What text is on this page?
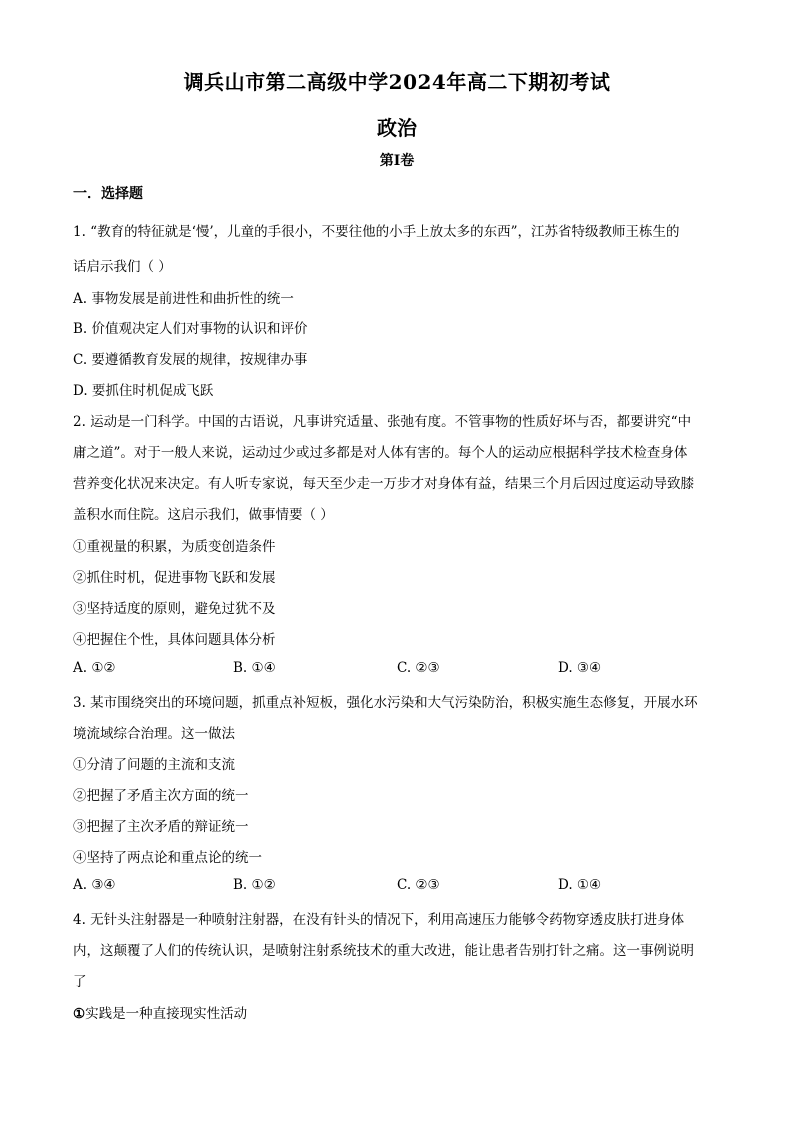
调兵山市第二高级中学2024年高二下期初考试
政治
第I卷
一．选择题
1. “教育的特征就是‘慢’，儿童的手很小，不要往他的小手上放太多的东西”，江苏省特级教师王栋生的
话启示我们（ ）
A. 事物发展是前进性和曲折性的统一
B. 价值观决定人们对事物的认识和评价
C. 要遵循教育发展的规律，按规律办事
D. 要抓住时机促成飞跃
2. 运动是一门科学。中国的古语说，凡事讲究适量、张弛有度。不管事物的性质好坏与否，都要讲究“中
庸之道”。对于一般人来说，运动过少或过多都是对人体有害的。每个人的运动应根据科学技术检查身体
营养变化状况来决定。有人听专家说，每天至少走一万步才对身体有益，结果三个月后因过度运动导致膝
盖积水而住院。这启示我们，做事情要（ ）
①重视量的积累，为质变创造条件
②抓住时机，促进事物飞跃和发展
③坚持适度的原则，避免过犹不及
④把握住个性，具体问题具体分析
A. ①②	B. ①④	C. ②③	D. ③④
3. 某市围绕突出的环境问题，抓重点补短板，强化水污染和大气污染防治，积极实施生态修复，开展水环
境流域综合治理。这一做法
①分清了问题的主流和支流
②把握了矛盾主次方面的统一
③把握了主次矛盾的辩证统一
④坚持了两点论和重点论的统一
A. ③④	B. ①②	C. ②③	D. ①④
4. 无针头注射器是一种喷射注射器，在没有针头的情况下，利用高速压力能够令药物穿透皮肤打进身体
内，这颠覆了人们的传统认识，是喷射注射系统技术的重大改进，能让患者告别打针之痛。这一事例说明
了
①实践是一种直接现实性活动
